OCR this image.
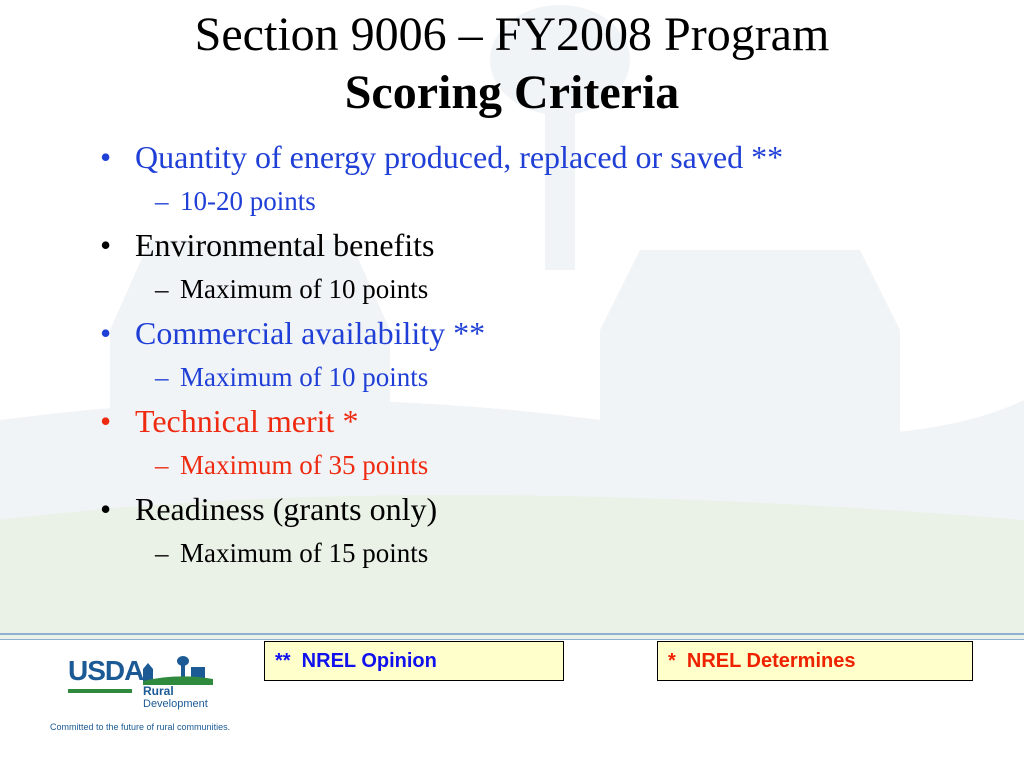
Section 9006 – FY2008 Program
Scoring Criteria
• Quantity of energy produced, replaced or saved **
– 10-20 points
• Environmental benefits
– Maximum of 10 points
• Commercial availability **
– Maximum of 10 points
• Technical merit *
– Maximum of 35 points
• Readiness (grants only)
– Maximum of 15 points
**  NREL Opinion	*  NREL Determines
USDA
Rural
Development
Committed to the future of rural communities.
